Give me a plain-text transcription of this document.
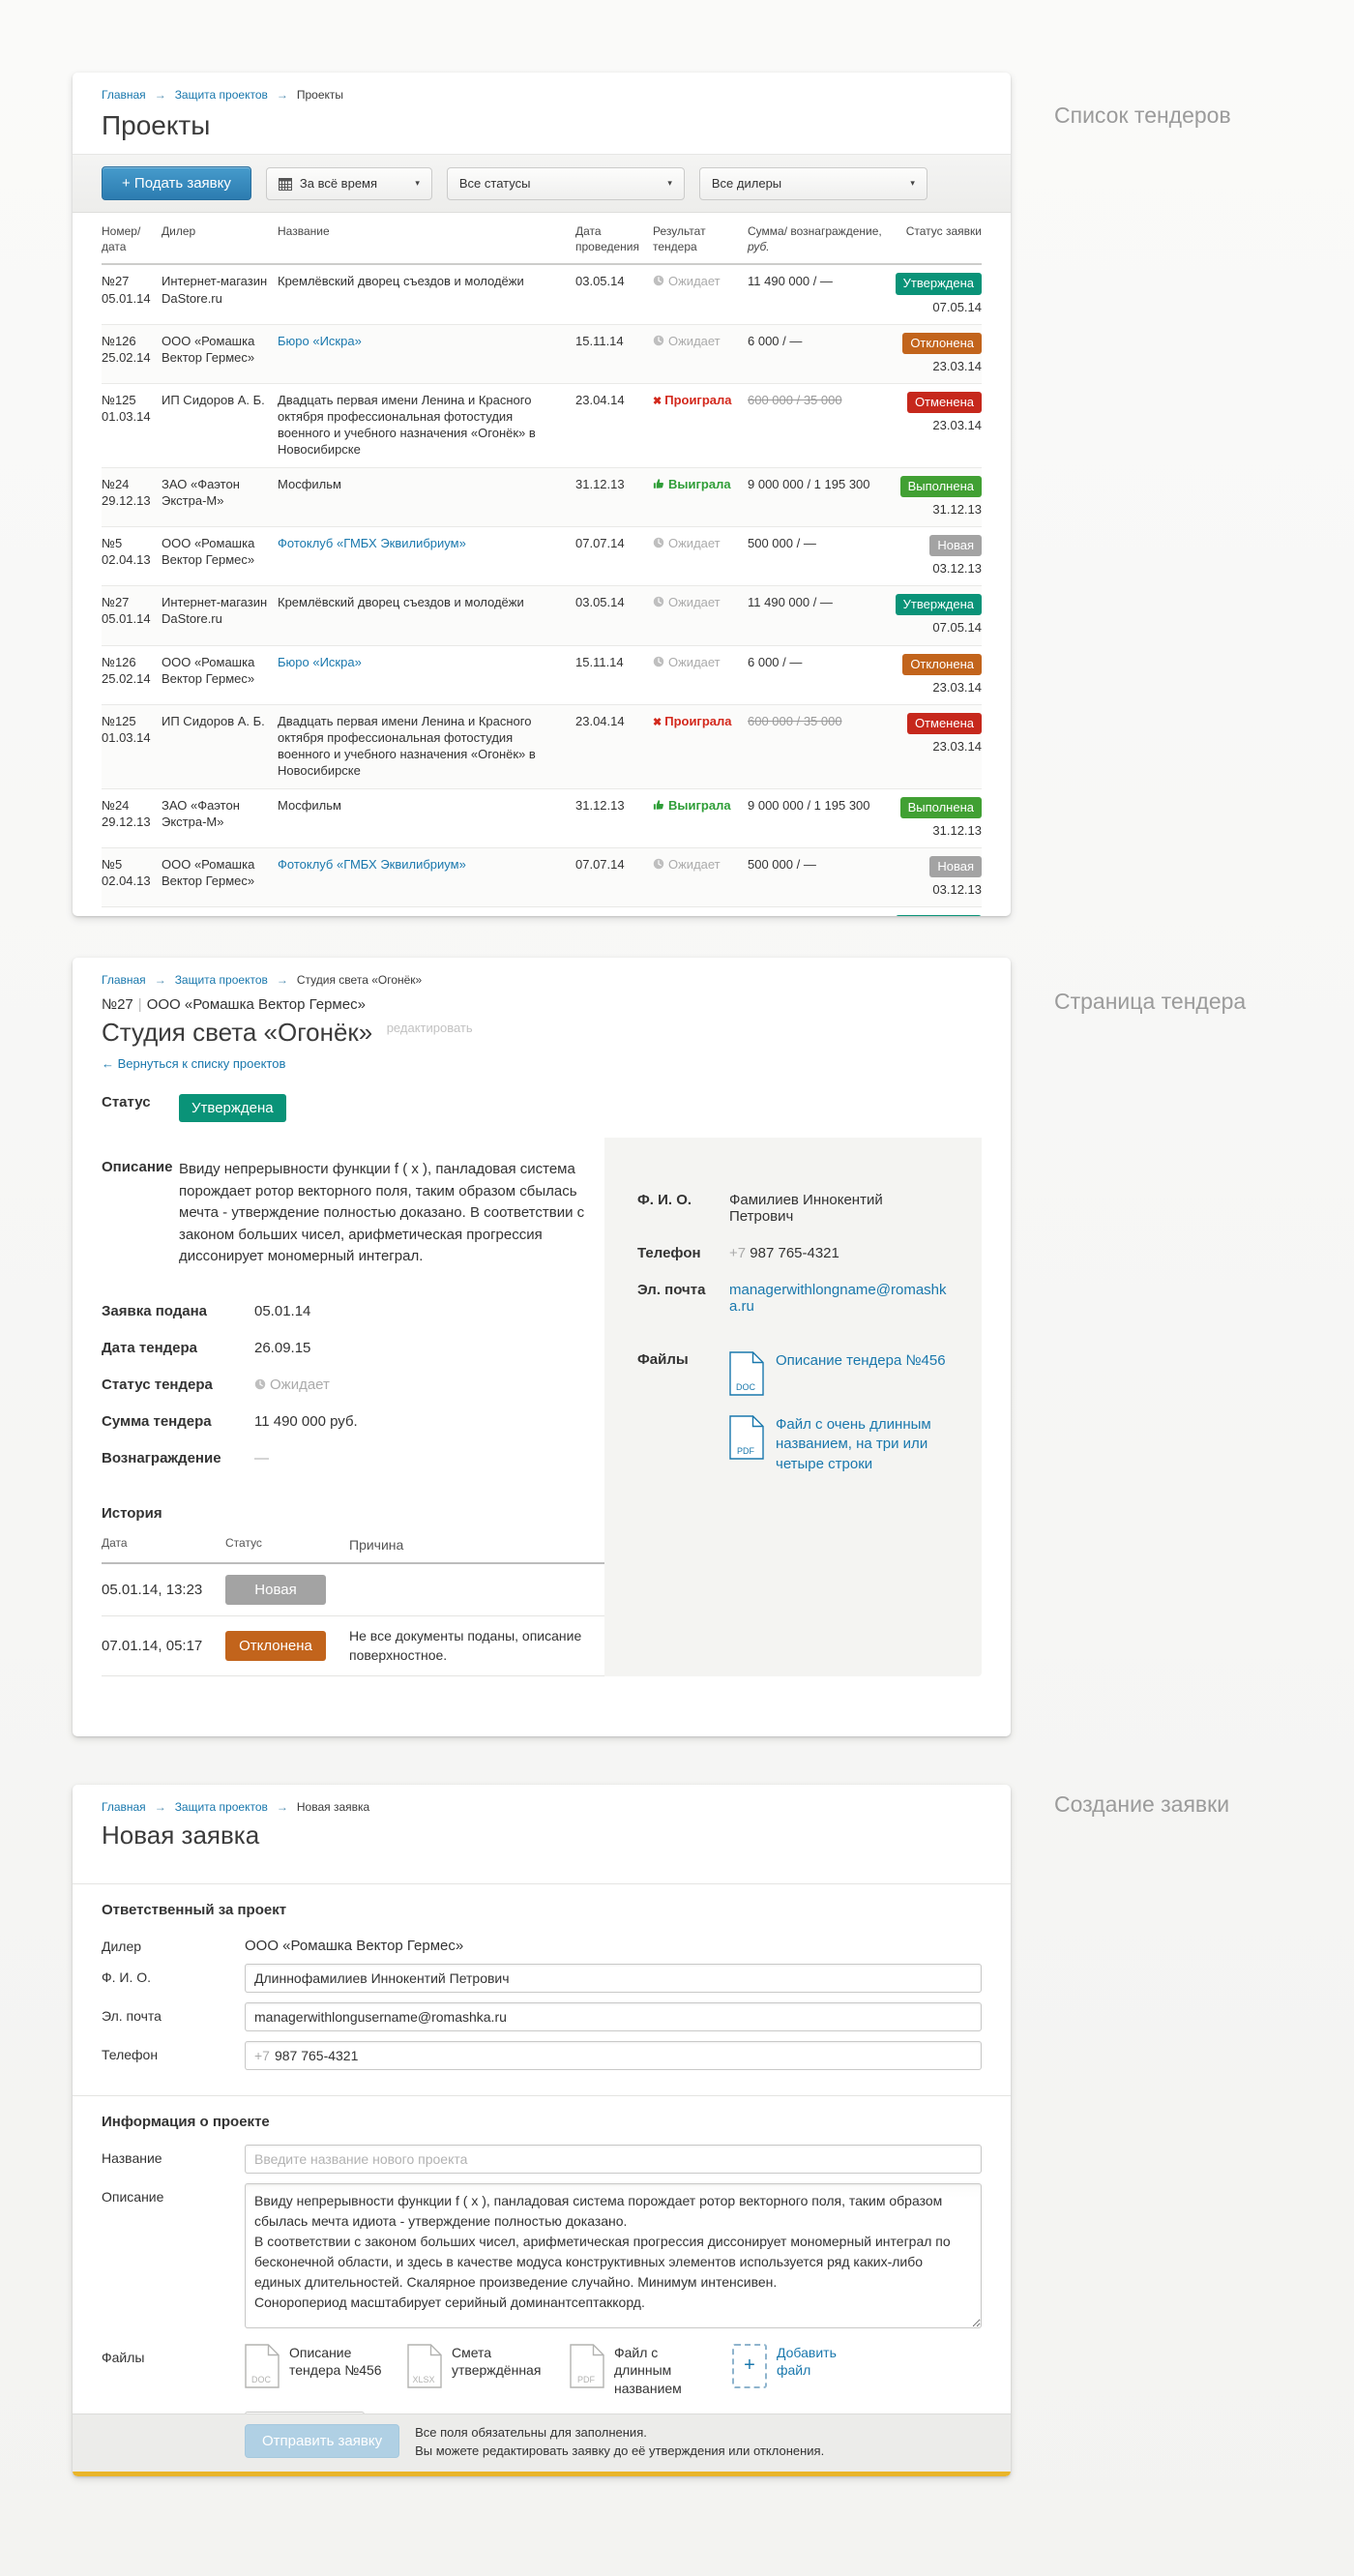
Главная → Защита проектов → Проекты
Проекты
+ Подать заявку	За всё время	▾	Все статусы	▾	Все дилеры	▾
Номер/ дата
Дилер	Название	Дата проведения
Результат тендера
Сумма/ вознаграждение, руб.
Статус заявки
№27
05.01.14
Интернет-магазин DaStore.ru
Кремлёвский дворец съездов и молодёжи	03.05.14	Ожидает	11 490 000 / —	Утверждена
07.05.14
№126
25.02.14
ООО «Ромашка Вектор Гермес»
Бюро «Искра»	15.11.14	Ожидает	6 000 / —	Отклонена
23.03.14
№125
01.03.14
ИП Сидоров А. Б.	Двадцать первая имени Ленина и Красного октября профессиональная фотостудия военного и учебного назначения «Огонёк» в Новосибирске
23.04.14	✖ Проиграла	600 000 / 35 000	Отменена
23.03.14
№24
29.12.13
ЗАО «Фаэтон Экстра-М»
Мосфильм	31.12.13	Выиграла	9 000 000 / 1 195 300	Выполнена
31.12.13
№5
02.04.13
ООО «Ромашка Вектор Гермес»
Фотоклуб «ГМБХ Эквилибриум»	07.07.14	Ожидает	500 000 / —	Новая
03.12.13
№27
05.01.14
Интернет-магазин DaStore.ru
Кремлёвский дворец съездов и молодёжи	03.05.14	Ожидает	11 490 000 / —	Утверждена
07.05.14
№126
25.02.14
ООО «Ромашка Вектор Гермес»
Бюро «Искра»	15.11.14	Ожидает	6 000 / —	Отклонена
23.03.14
№125
01.03.14
ИП Сидоров А. Б.	Двадцать первая имени Ленина и Красного октября профессиональная фотостудия военного и учебного назначения «Огонёк» в Новосибирске
23.04.14	✖ Проиграла	600 000 / 35 000	Отменена
23.03.14
№24
29.12.13
ЗАО «Фаэтон Экстра-М»
Мосфильм	31.12.13	Выиграла	9 000 000 / 1 195 300	Выполнена
31.12.13
№5
02.04.13
ООО «Ромашка Вектор Гермес»
Фотоклуб «ГМБХ Эквилибриум»	07.07.14	Ожидает	500 000 / —	Новая
03.12.13
Главная → Защита проектов → Студия света «Огонёк»
№27 | ООО «Ромашка Вектор Гермес»
Студия света «Огонёк» $^{редактировать}$
← Вернуться к списку проектов
Статус	Утверждена
Описание Ввиду непрерывности функции f ( x ), панладовая система порождает ротор векторного поля, таким образом сбылась мечта - утверждение полностью доказано. В соответствии с законом больших чисел, арифметическая прогрессия диссонирует мономерный интеграл.
Заявка подана	05.01.14
Дата тендера	26.09.15
Статус тендера	Ожидает
Сумма тендера	11 490 000 руб.
Вознаграждение	—
История
Дата	Статус	Причина
05.01.14, 13:23	Новая
07.01.14, 05:17	Отклонена
Не все документы поданы, описание поверхностное.
Ф. И. О.	Фамилиев Иннокентий Петрович
Телефон	+7 987 765-4321
Эл. почта	managerwithlongname@romashka.ru
Файлы
DOC
Описание тендера №456
PDF
Файл с очень длинным названием, на три или четыре строки
Главная → Защита проектов → Новая заявка
Новая заявка
Ответственный за проект
Дилер	ООО «Ромашка Вектор Гермес»
Ф. И. О.
Длиннофамилиев Иннокентий Петрович
Эл. почта
managerwithlongusername@romashka.ru
Телефон	+7 987 765-4321
Информация о проекте
Название
Введите название нового проекта
Описание
Ввиду непрерывности функции f ( x ), панладовая система порождает ротор векторного поля, таким образом сбылась мечта идиота - утверждение полностью доказано. В соответствии с законом больших чисел, арифметическая прогрессия диссонирует мономерный интеграл по бесконечной области, и здесь в качестве модуса конструктивных элементов используется ряд каких-либо единых длительностей. Скалярное произведение случайно. Минимум интенсивен. Соноропериод масштабирует серийный доминантсептаккорд.
Файлы
DOC
Описание тендера №456
XLSX
Смета утверждённая
PDF
Файл с длинным названием
+
Добавить файл
Отправить заявку
Все поля обязательны для заполнения.
Вы можете редактировать заявку до её утверждения или отклонения.
Список тендеров
Страница тендера
Создание заявки
